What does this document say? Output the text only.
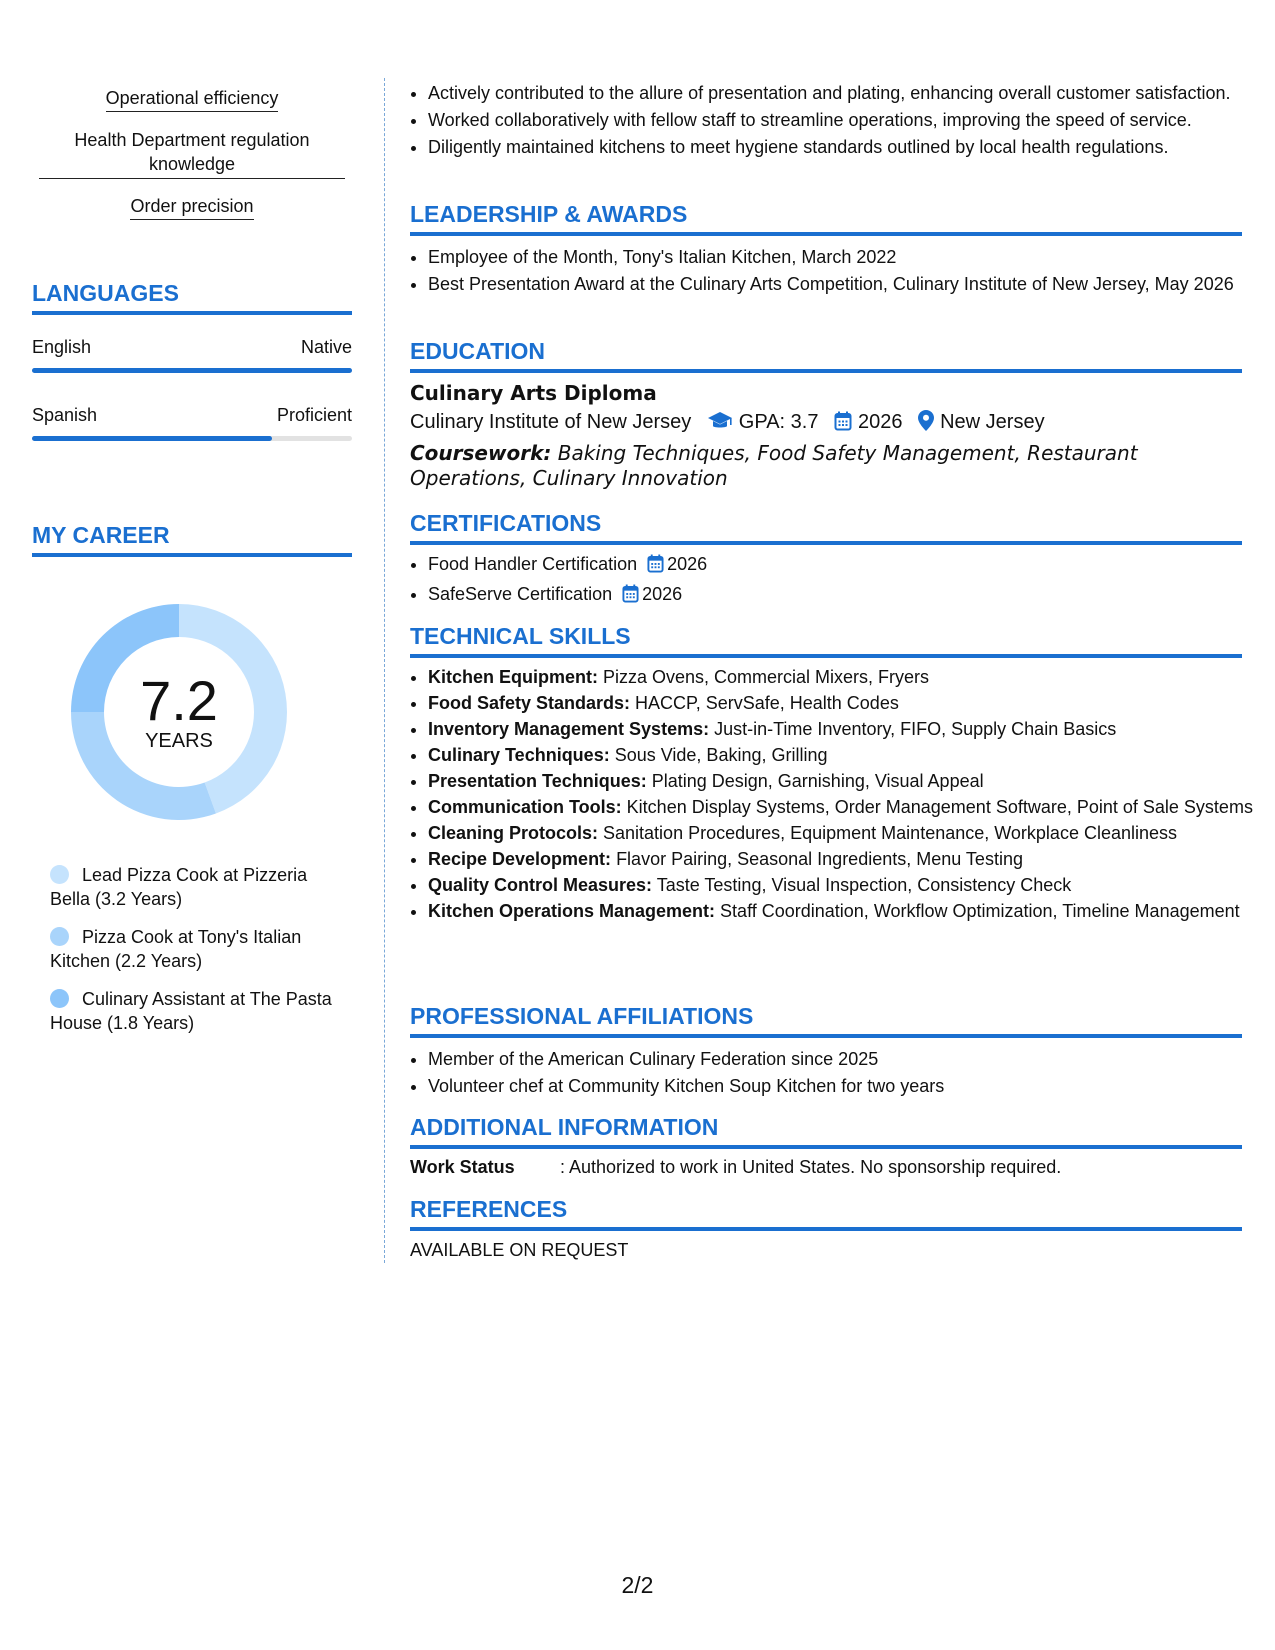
Operational efficiency
Health Department regulation knowledge
Order precision
LANGUAGES
English	Native
Spanish	Proficient
MY CAREER
7.2
YEARS
Lead Pizza Cook at Pizzeria Bella (3.2 Years)
Pizza Cook at Tony's Italian Kitchen (2.2 Years)
Culinary Assistant at The Pasta House (1.8 Years)
• Actively contributed to the allure of presentation and plating, enhancing overall customer satisfaction.
• Worked collaboratively with fellow staff to streamline operations, improving the speed of service.
• Diligently maintained kitchens to meet hygiene standards outlined by local health regulations.
LEADERSHIP & AWARDS
• Employee of the Month, Tony's Italian Kitchen, March 2022
• Best Presentation Award at the Culinary Arts Competition, Culinary Institute of New Jersey, May 2026
EDUCATION
Culinary Arts Diploma
Culinary Institute of New Jersey GPA: 3.7 2026 New Jersey
Coursework: Baking Techniques, Food Safety Management, Restaurant Operations, Culinary Innovation
CERTIFICATIONS
• Food Handler Certification 2026
• SafeServe Certification 2026
TECHNICAL SKILLS
• Kitchen Equipment: Pizza Ovens, Commercial Mixers, Fryers
• Food Safety Standards: HACCP, ServSafe, Health Codes
• Inventory Management Systems: Just-in-Time Inventory, FIFO, Supply Chain Basics
• Culinary Techniques: Sous Vide, Baking, Grilling
• Presentation Techniques: Plating Design, Garnishing, Visual Appeal
• Communication Tools: Kitchen Display Systems, Order Management Software, Point of Sale Systems
• Cleaning Protocols: Sanitation Procedures, Equipment Maintenance, Workplace Cleanliness
• Recipe Development: Flavor Pairing, Seasonal Ingredients, Menu Testing
• Quality Control Measures: Taste Testing, Visual Inspection, Consistency Check
• Kitchen Operations Management: Staff Coordination, Workflow Optimization, Timeline Management
PROFESSIONAL AFFILIATIONS
• Member of the American Culinary Federation since 2025
• Volunteer chef at Community Kitchen Soup Kitchen for two years
ADDITIONAL INFORMATION
Work Status	: Authorized to work in United States. No sponsorship required.
REFERENCES
AVAILABLE ON REQUEST
2/2
